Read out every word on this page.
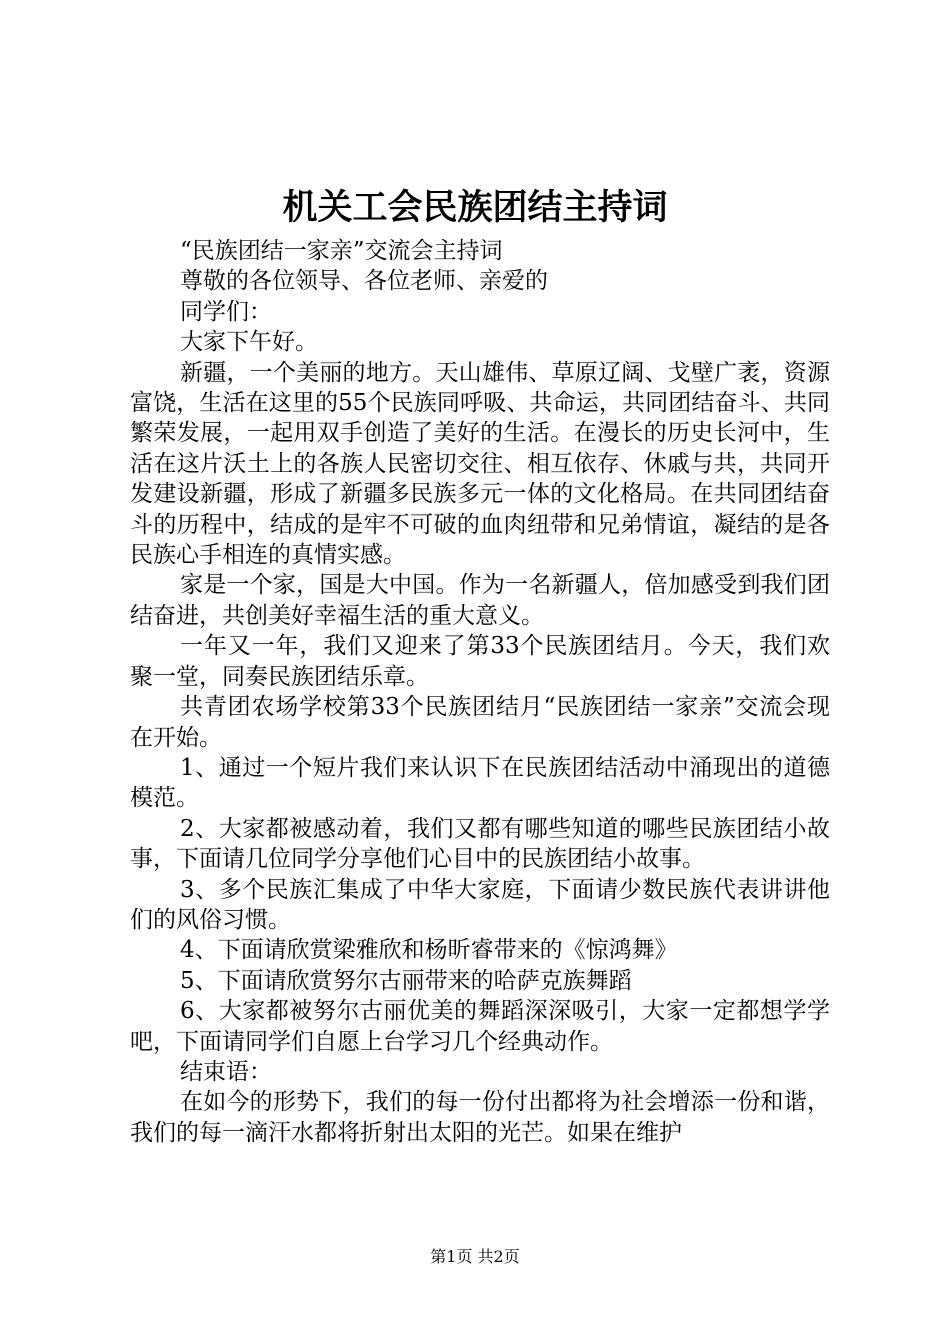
机关工会民族团结主持词

“民族团结一家亲”交流会主持词

尊敬的各位领导、各位老师、亲爱的

同学们：

大家下午好。

新疆，一个美丽的地方。天山雄伟、草原辽阔、戈壁广袤，资源富饶，生活在这里的55个民族同呼吸、共命运，共同团结奋斗、共同繁荣发展，一起用双手创造了美好的生活。在漫长的历史长河中，生活在这片沃土上的各族人民密切交往、相互依存、休戚与共，共同开发建设新疆，形成了新疆多民族多元一体的文化格局。在共同团结奋斗的历程中，结成的是牢不可破的血肉纽带和兄弟情谊，凝结的是各民族心手相连的真情实感。

家是一个家，国是大中国。作为一名新疆人，倍加感受到我们团结奋进，共创美好幸福生活的重大意义。

一年又一年，我们又迎来了第33个民族团结月。今天，我们欢聚一堂，同奏民族团结乐章。

共青团农场学校第33个民族团结月“民族团结一家亲”交流会现在开始。

1、通过一个短片我们来认识下在民族团结活动中涌现出的道德模范。

2、大家都被感动着，我们又都有哪些知道的哪些民族团结小故事，下面请几位同学分享他们心目中的民族团结小故事。

3、多个民族汇集成了中华大家庭，下面请少数民族代表讲讲他们的风俗习惯。

4、下面请欣赏梁雅欣和杨昕睿带来的《惊鸿舞》

5、下面请欣赏努尔古丽带来的哈萨克族舞蹈

6、大家都被努尔古丽优美的舞蹈深深吸引，大家一定都想学学吧，下面请同学们自愿上台学习几个经典动作。

结束语：

在如今的形势下，我们的每一份付出都将为社会增添一份和谐，我们的每一滴汗水都将折射出太阳的光芒。如果在维护

第1页 共2页
